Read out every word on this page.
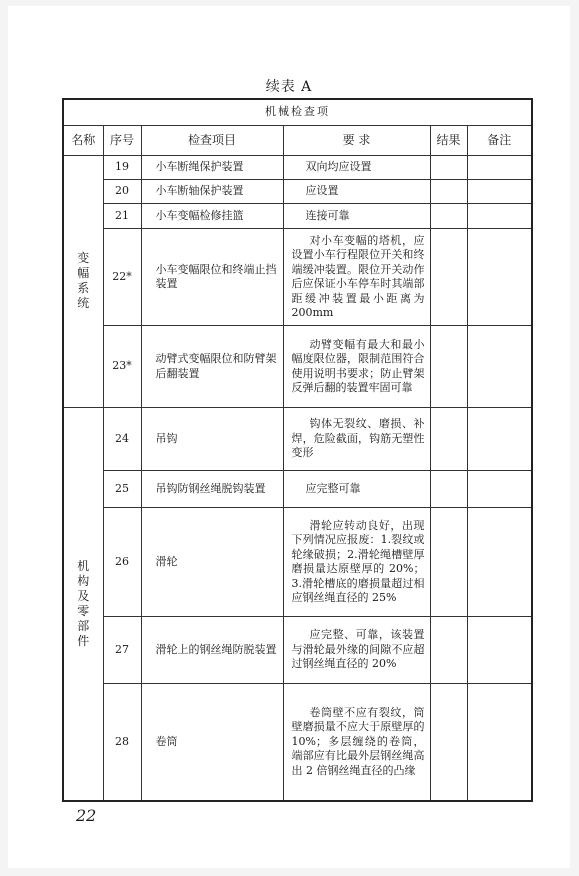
续表 A
机械检查项					
名称	序号	检查项目	要 求	结果	备注
变幅系统	19	小车断绳保护装置	双向均应设置		
	20	小车断轴保护装置	应设置		
	21	小车变幅检修挂篮	连接可靠		
	22*	小车变幅限位和终端止挡装置	对小车变幅的塔机，应设置小车行程限位开关和终端缓冲装置。限位开关动作后应保证小车停车时其端部距缓冲装置最小距离为 200mm		
	23*	动臂式变幅限位和防臂架后翻装置	动臂变幅有最大和最小幅度限位器，限制范围符合使用说明书要求；防止臂架反弹后翻的装置牢固可靠		
机构及零部件	24	吊钩	钩体无裂纹、磨损、补焊，危险截面，钩筋无塑性变形		
	25	吊钩防钢丝绳脱钩装置	应完整可靠		
	26	滑轮	滑轮应转动良好，出现下列情况应报废：1.裂纹或轮缘破损；2.滑轮绳槽壁厚磨损量达原壁厚的 20%；3.滑轮槽底的磨损量超过相应钢丝绳直径的 25%		
	27	滑轮上的钢丝绳防脱装置	应完整、可靠，该装置与滑轮最外缘的间隙不应超过钢丝绳直径的 20%		
	28	卷筒	卷筒壁不应有裂纹，筒壁磨损量不应大于原壁厚的 10%；多层缠绕的卷筒，端部应有比最外层钢丝绳高出 2 倍钢丝绳直径的凸缘		
22
